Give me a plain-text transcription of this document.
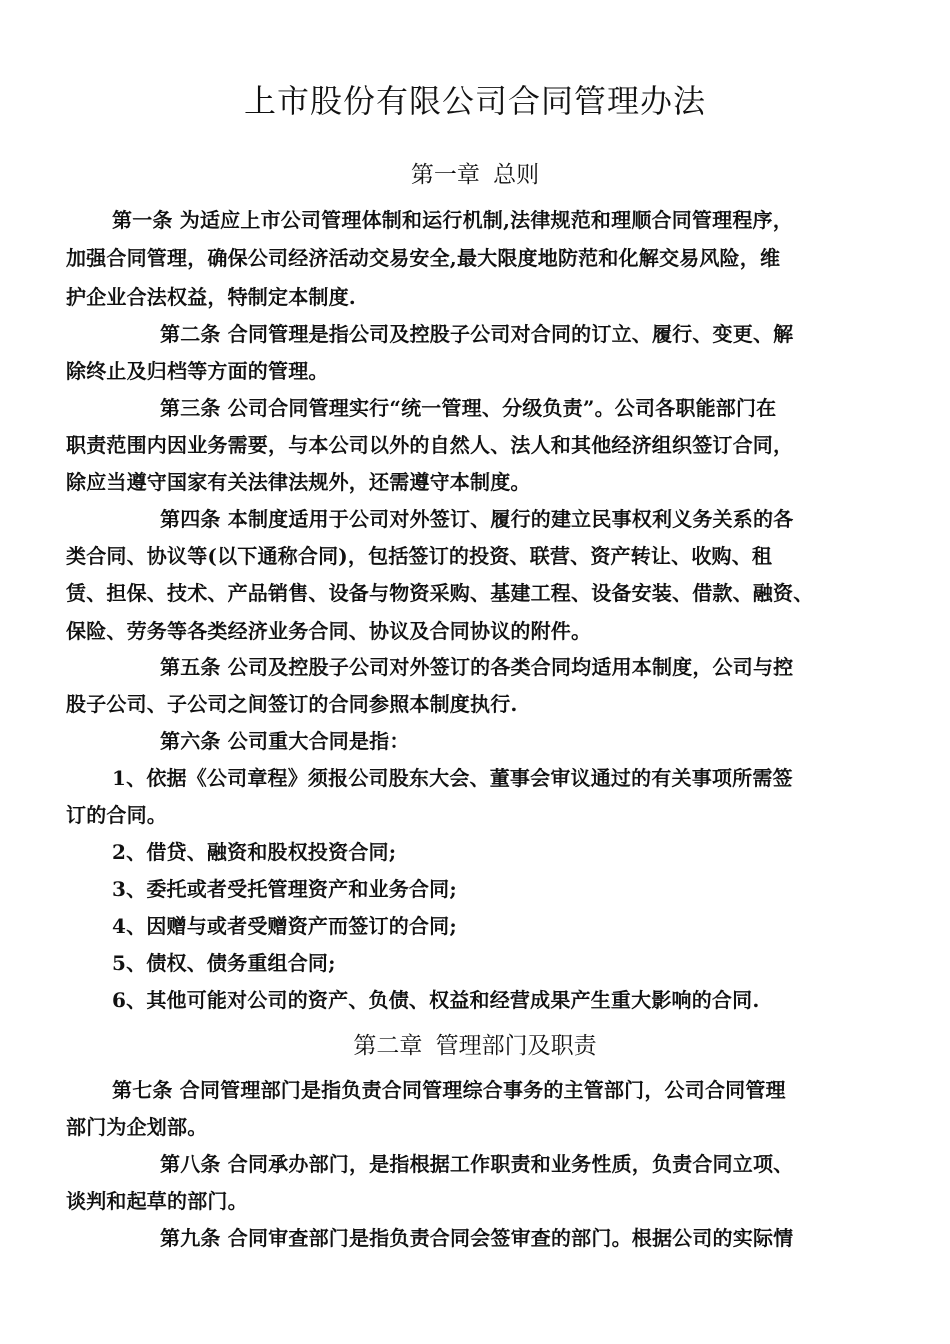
上市股份有限公司合同管理办法
第一章 总则

第一条 为适应上市公司管理体制和运行机制,法律规范和理顺合同管理程序，

加强合同管理，确保公司经济活动交易安全,最大限度地防范和化解交易风险，维

护企业合法权益，特制定本制度.

第二条 合同管理是指公司及控股子公司对合同的订立、履行、变更、解

除终止及归档等方面的管理。

第三条 公司合同管理实行“统一管理、分级负责”。公司各职能部门在

职责范围内因业务需要，与本公司以外的自然人、法人和其他经济组织签订合同，

除应当遵守国家有关法律法规外，还需遵守本制度。

第四条 本制度适用于公司对外签订、履行的建立民事权利义务关系的各

类合同、协议等(以下通称合同)，包括签订的投资、联营、资产转让、收购、租

赁、担保、技术、产品销售、设备与物资采购、基建工程、设备安装、借款、融资、

保险、劳务等各类经济业务合同、协议及合同协议的附件。

第五条 公司及控股子公司对外签订的各类合同均适用本制度，公司与控

股子公司、子公司之间签订的合同参照本制度执行.

第六条 公司重大合同是指：

1、依据《公司章程》须报公司股东大会、董事会审议通过的有关事项所需签

订的合同。

2、借贷、融资和股权投资合同;

3、委托或者受托管理资产和业务合同;

4、因赠与或者受赠资产而签订的合同;

5、债权、债务重组合同;

6、其他可能对公司的资产、负债、权益和经营成果产生重大影响的合同.

第二章 管理部门及职责

第七条 合同管理部门是指负责合同管理综合事务的主管部门，公司合同管理

部门为企划部。

第八条 合同承办部门，是指根据工作职责和业务性质，负责合同立项、

谈判和起草的部门。

第九条 合同审查部门是指负责合同会签审查的部门。根据公司的实际情
